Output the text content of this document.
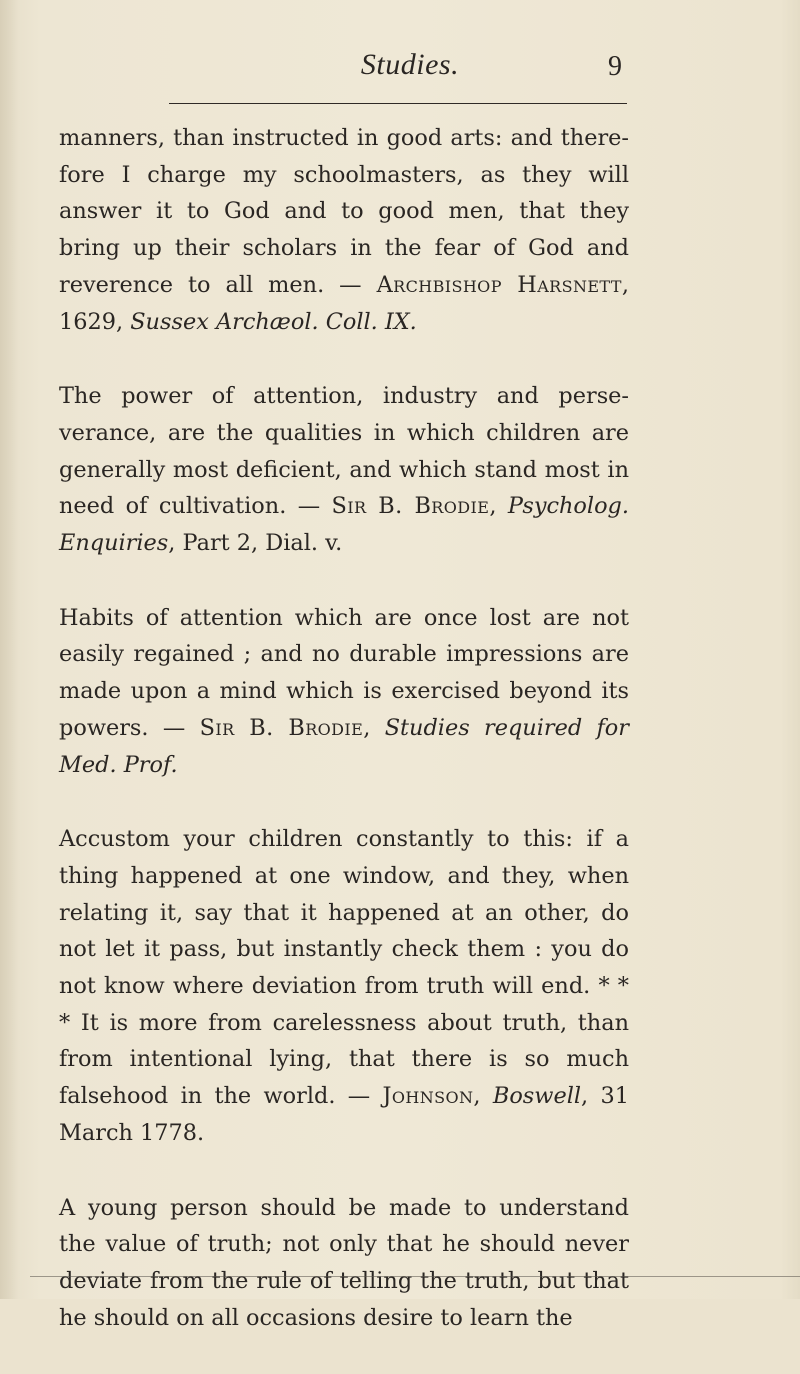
Studies.	9

manners, than instructed in good arts: and there-fore I charge my schoolmasters, as they will answer it to God and to good men, that they bring up their scholars in the fear of God and reverence to all men. — Archbishop Harsnett, 1629, Sussex Archæol. Coll. IX.

The power of attention, industry and perse-verance, are the qualities in which children are generally most deficient, and which stand most in need of cultivation. — Sir B. Brodie, Psycholog. Enquiries, Part 2, Dial. v.

Habits of attention which are once lost are not easily regained ; and no durable impressions are made upon a mind which is exercised beyond its powers. — Sir B. Brodie, Studies required for Med. Prof.

Accustom your children constantly to this: if a thing happened at one window, and they, when relating it, say that it happened at an other, do not let it pass, but instantly check them : you do not know where deviation from truth will end. * * * It is more from carelessness about truth, than from intentional lying, that there is so much falsehood in the world. — Johnson, Boswell, 31 March 1778.

A young person should be made to understand the value of truth; not only that he should never deviate from the rule of telling the truth, but that he should on all occasions desire to learn the
